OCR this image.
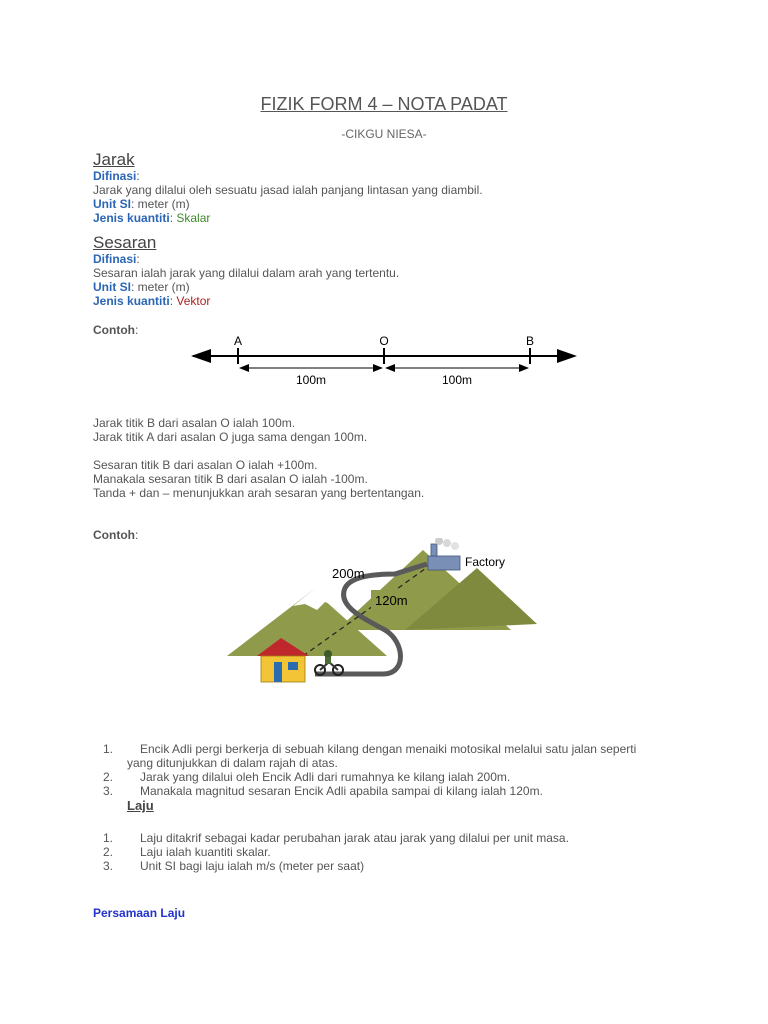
FIZIK FORM 4 – NOTA PADAT
-CIKGU NIESA-
Jarak
Difinasi:
Jarak yang dilalui oleh sesuatu jasad ialah panjang lintasan yang diambil.
Unit SI: meter (m)
Jenis kuantiti: Skalar
Sesaran
Difinasi:
Sesaran ialah jarak yang dilalui dalam arah yang tertentu.
Unit SI: meter (m)
Jenis kuantiti: Vektor
Contoh:
A	O	B
100m	100m
Jarak titik B dari asalan O ialah 100m.
Jarak titik A dari asalan O juga sama dengan 100m.
Sesaran titik B dari asalan O ialah +100m.
Manakala sesaran titik B dari asalan O ialah -100m.
Tanda + dan – menunjukkan arah sesaran yang bertentangan.
Contoh:
Factory
200m
120m
1. Encik Adli pergi berkerja di sebuah kilang dengan menaiki motosikal melalui satu jalan seperti
yang ditunjukkan di dalam rajah di atas.
2. Jarak yang dilalui oleh Encik Adli dari rumahnya ke kilang ialah 200m.
3. Manakala magnitud sesaran Encik Adli apabila sampai di kilang ialah 120m.
Laju
1. Laju ditakrif sebagai kadar perubahan jarak atau jarak yang dilalui per unit masa.
2. Laju ialah kuantiti skalar.
3. Unit SI bagi laju ialah m/s (meter per saat)
Persamaan Laju
